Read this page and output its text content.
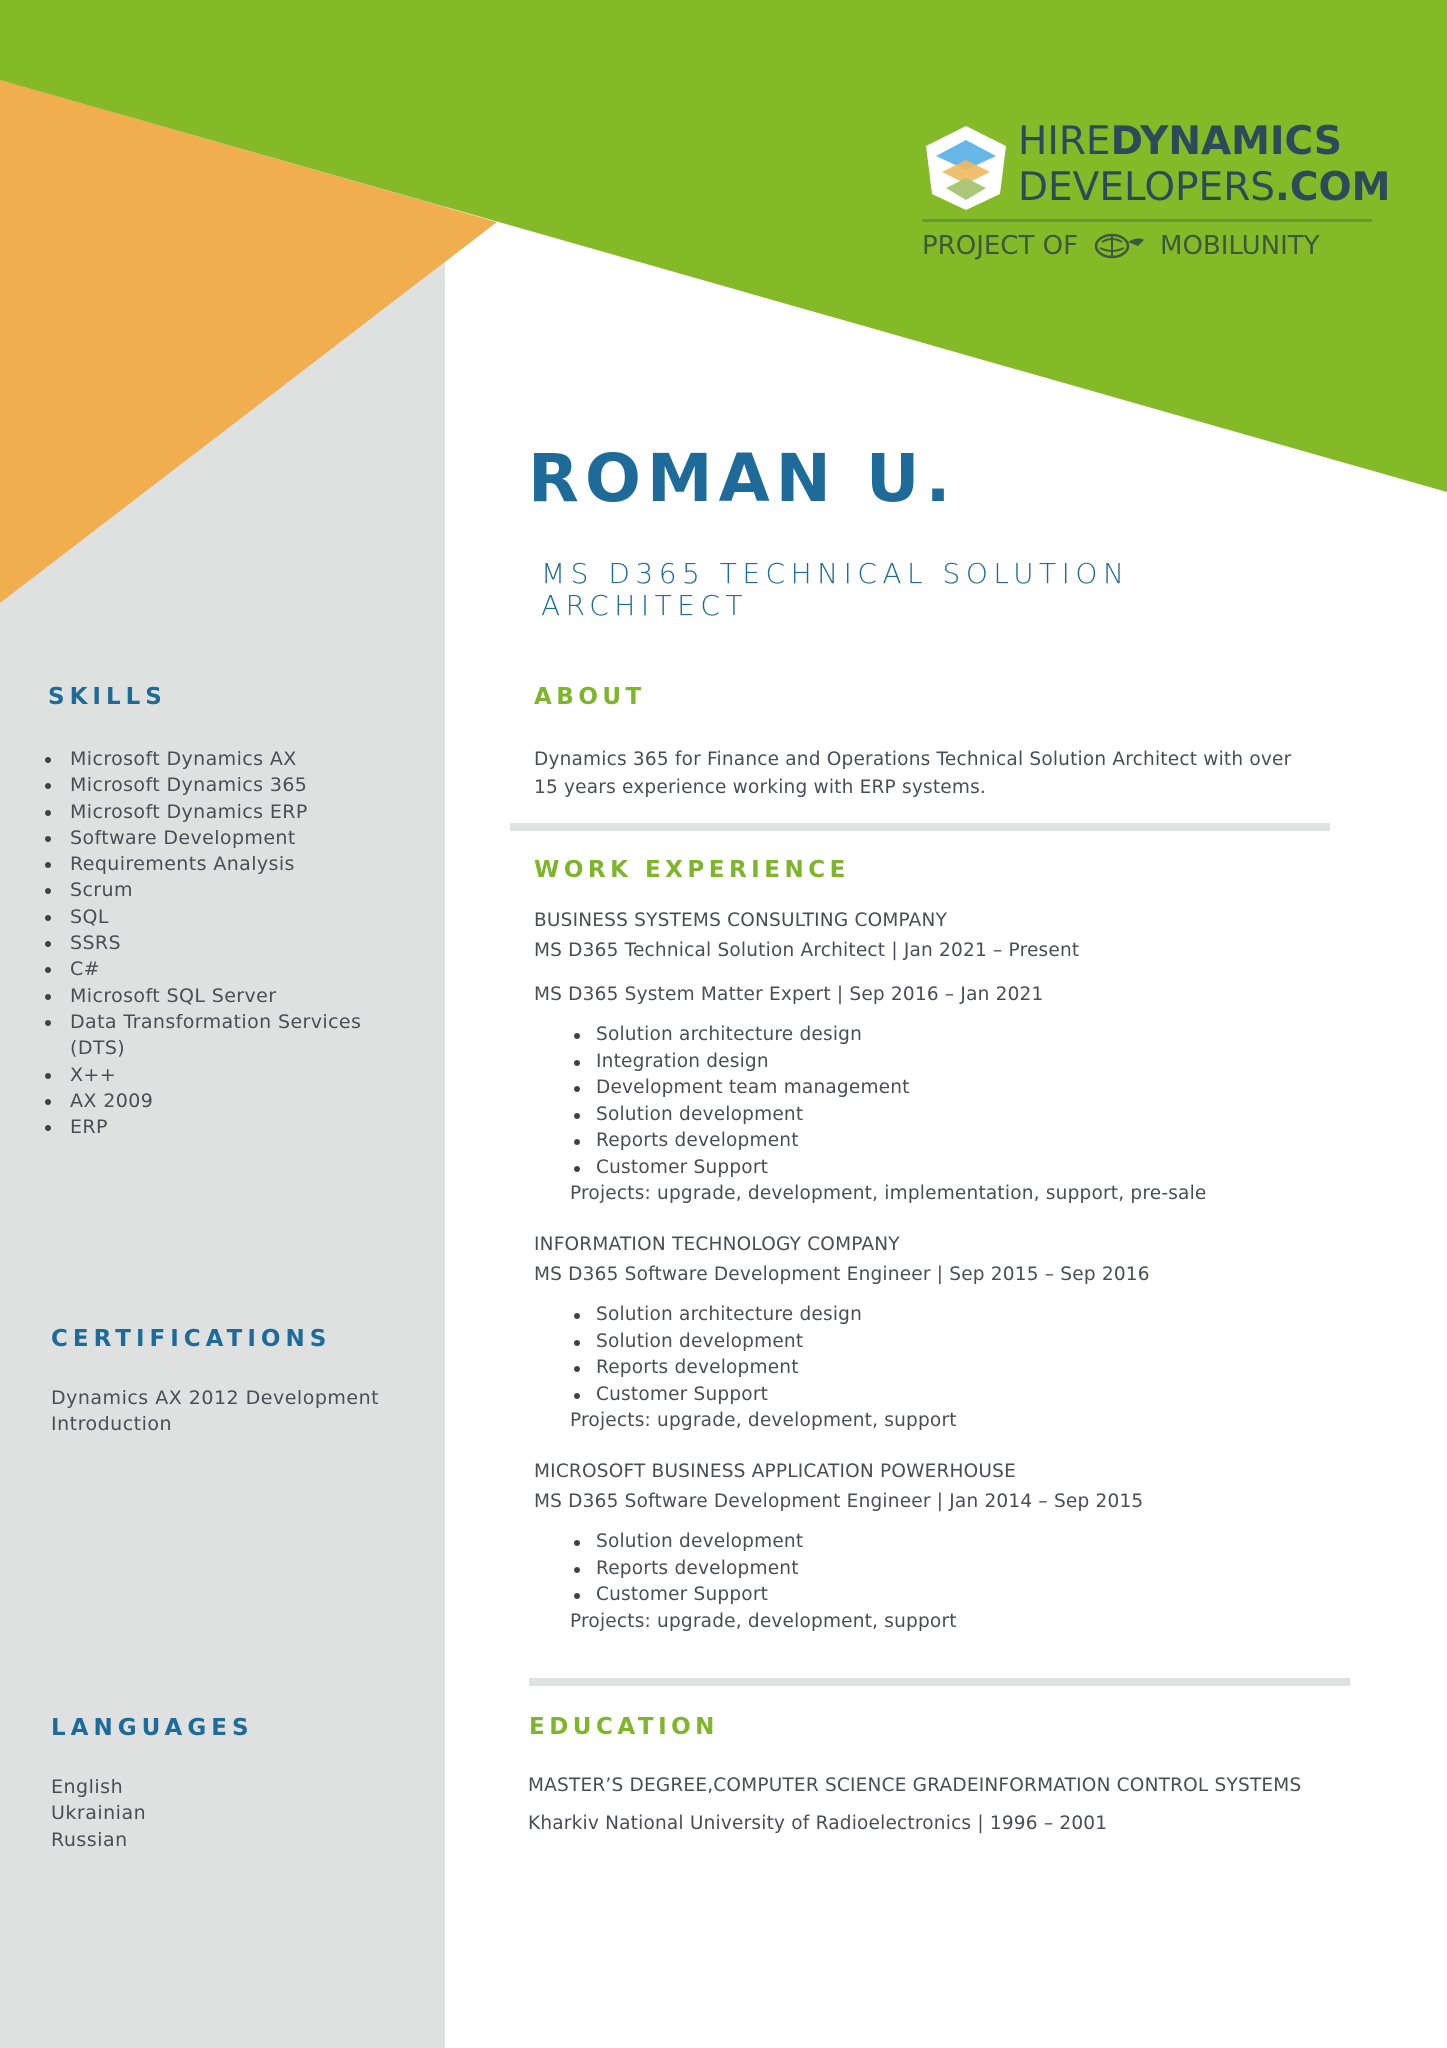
HIREDYNAMICS
DEVELOPERS.COM
PROJECT OF	MOBILUNITY
ROMAN U.
MS D365 TECHNICAL SOLUTION ARCHITECT
SKILLS
Microsoft Dynamics AX
Microsoft Dynamics 365
Microsoft Dynamics ERP
Software Development
Requirements Analysis
Scrum
SQL
SSRS
C#
Microsoft SQL Server
Data Transformation Services (DTS)
X++
AX 2009
ERP
CERTIFICATIONS
Dynamics AX 2012 Development Introduction
LANGUAGES
English
Ukrainian
Russian
ABOUT

Dynamics 365 for Finance and Operations Technical Solution Architect with over 15 years experience working with ERP systems.

WORK EXPERIENCE
BUSINESS SYSTEMS CONSULTING COMPANY
MS D365 Technical Solution Architect | Jan 2021 – Present
MS D365 System Matter Expert | Sep 2016 – Jan 2021
Solution architecture design
Integration design
Development team management
Solution development
Reports development
Customer Support
Projects: upgrade, development, implementation, support, pre-sale
INFORMATION TECHNOLOGY COMPANY
MS D365 Software Development Engineer | Sep 2015 – Sep 2016
Solution architecture design
Solution development
Reports development
Customer Support
Projects: upgrade, development, support
MICROSOFT BUSINESS APPLICATION POWERHOUSE
MS D365 Software Development Engineer | Jan 2014 – Sep 2015
Solution development
Reports development
Customer Support
Projects: upgrade, development, support
EDUCATION
MASTER’S DEGREE,COMPUTER SCIENCE GRADEINFORMATION CONTROL SYSTEMS
Kharkiv National University of Radioelectronics | 1996 – 2001
